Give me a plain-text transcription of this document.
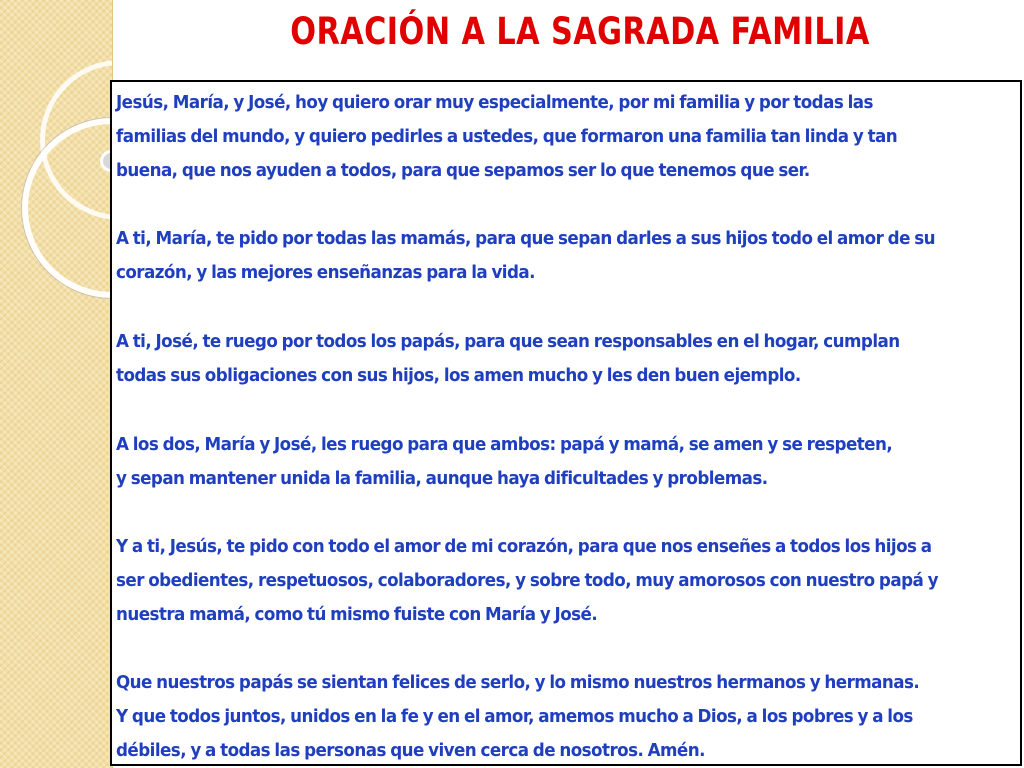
ORACIÓN A LA SAGRADA FAMILIA

Jesús, María, y José, hoy quiero orar muy especialmente, por mi familia y por todas las
familias del mundo, y quiero pedirles a ustedes, que formaron una familia tan linda y tan
buena, que nos ayuden a todos, para que sepamos ser lo que tenemos que ser.

A ti, María, te pido por todas las mamás, para que sepan darles a sus hijos todo el amor de su
corazón, y las mejores enseñanzas para la vida.

A ti, José, te ruego por todos los papás, para que sean responsables en el hogar, cumplan
todas sus obligaciones con sus hijos, los amen mucho y les den buen ejemplo.

A los dos, María y José, les ruego para que ambos: papá y mamá, se amen y se respeten,
y sepan mantener unida la familia, aunque haya dificultades y problemas.

Y a ti, Jesús, te pido con todo el amor de mi corazón, para que nos enseñes a todos los hijos a
ser obedientes, respetuosos, colaboradores, y sobre todo, muy amorosos con nuestro papá y
nuestra mamá, como tú mismo fuiste con María y José.

Que nuestros papás se sientan felices de serlo, y lo mismo nuestros hermanos y hermanas.
Y que todos juntos, unidos en la fe y en el amor, amemos mucho a Dios, a los pobres y a los
débiles, y a todas las personas que viven cerca de nosotros. Amén.
